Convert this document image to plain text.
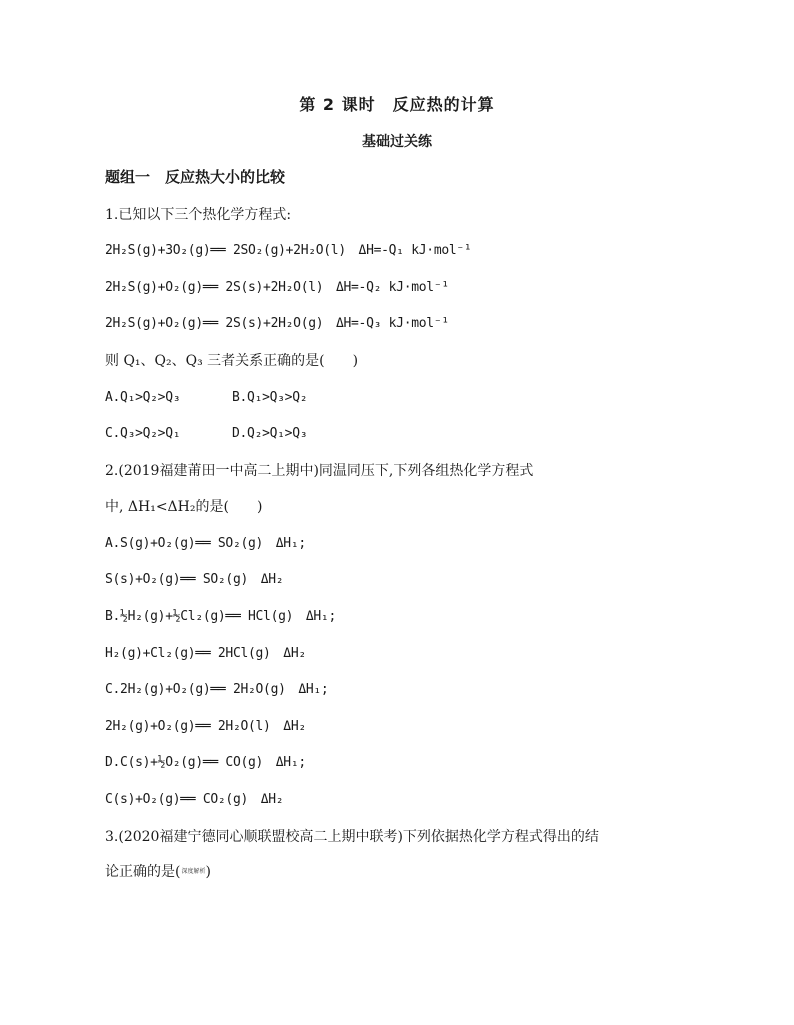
第 2 课时　反应热的计算
基础过关练
题组一　反应热大小的比较
1.已知以下三个热化学方程式:
2H₂S(g)+3O₂(g)══ 2SO₂(g)+2H₂O(l)　ΔH=-Q₁ kJ·mol⁻¹
2H₂S(g)+O₂(g)══ 2S(s)+2H₂O(l)　ΔH=-Q₂ kJ·mol⁻¹
2H₂S(g)+O₂(g)══ 2S(s)+2H₂O(g)　ΔH=-Q₃ kJ·mol⁻¹
则 Q₁、Q₂、Q₃ 三者关系正确的是(　　)
A.Q₁>Q₂>Q₃	B.Q₁>Q₃>Q₂
C.Q₃>Q₂>Q₁	D.Q₂>Q₁>Q₃
2.(2019福建莆田一中高二上期中)同温同压下,下列各组热化学方程式
中, ΔH₁<ΔH₂的是(　　)
A.S(g)+O₂(g)══ SO₂(g)　ΔH₁;
S(s)+O₂(g)══ SO₂(g)　ΔH₂
B.½H₂(g)+½Cl₂(g)══ HCl(g)　ΔH₁;
H₂(g)+Cl₂(g)══ 2HCl(g)　ΔH₂
C.2H₂(g)+O₂(g)══ 2H₂O(g)　ΔH₁;
2H₂(g)+O₂(g)══ 2H₂O(l)　ΔH₂
D.C(s)+½O₂(g)══ CO(g)　ΔH₁;
C(s)+O₂(g)══ CO₂(g)　ΔH₂
3.(2020福建宁德同心顺联盟校高二上期中联考)下列依据热化学方程式得出的结
论正确的是(深度解析)
